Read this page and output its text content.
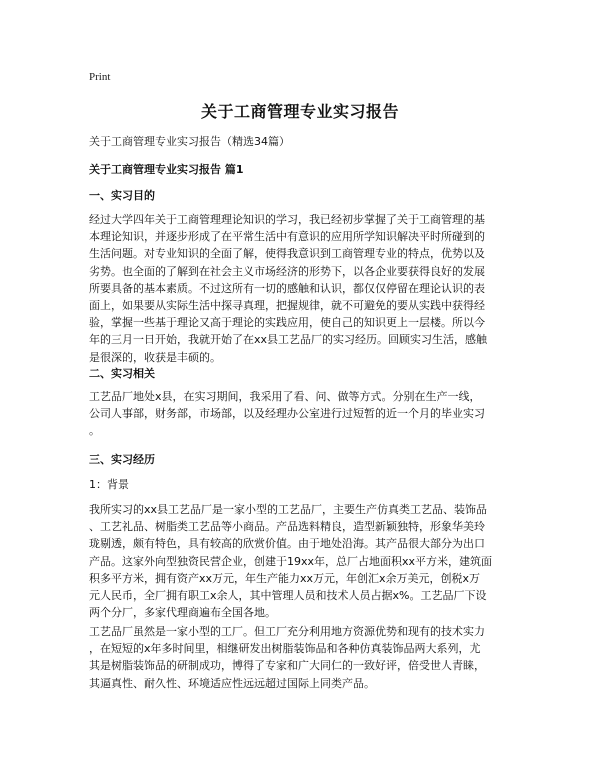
Print
关于工商管理专业实习报告
关于工商管理专业实习报告（精选34篇）
关于工商管理专业实习报告 篇1
一、实习目的
经过大学四年关于工商管理理论知识的学习，我已经初步掌握了关于工商管理的基
本理论知识，并逐步形成了在平常生活中有意识的应用所学知识解决平时所碰到的
生活问题。对专业知识的全面了解，使得我意识到工商管理专业的特点，优势以及
劣势。也全面的了解到在社会主义市场经济的形势下，以各企业要获得良好的发展
所要具备的基本素质。不过这所有一切的感触和认识，都仅仅停留在理论认识的表
面上，如果要从实际生活中探寻真理，把握规律，就不可避免的要从实践中获得经
验，掌握一些基于理论又高于理论的实践应用，使自己的知识更上一层楼。所以今
年的三月一日开始，我就开始了在xx县工艺品厂的实习经历。回顾实习生活，感触
是很深的，收获是丰硕的。
二、实习相关
工艺品厂地处x县，在实习期间，我采用了看、问、做等方式。分别在生产一线，
公司人事部，财务部，市场部，以及经理办公室进行过短暂的近一个月的毕业实习
。
三、实习经历
1：背景
我所实习的xx县工艺品厂是一家小型的工艺品厂，主要生产仿真类工艺品、装饰品
、工艺礼品、树脂类工艺品等小商品。产品选料精良，造型新颖独特，形象华美玲
珑剔透，颇有特色，具有较高的欣赏价值。由于地处沿海。其产品很大部分为出口
产品。这家外向型独资民营企业，创建于19xx年，总厂占地面积xx平方米，建筑面
积多平方米，拥有资产xx万元，年生产能力xx万元，年创汇x余万美元，创税x万
元人民币，全厂拥有职工x余人，其中管理人员和技术人员占据x%。工艺品厂下设
两个分厂，多家代理商遍布全国各地。
工艺品厂虽然是一家小型的工厂。但工厂充分利用地方资源优势和现有的技术实力
，在短短的x年多时间里，相继研发出树脂装饰品和各种仿真装饰品两大系列，尤
其是树脂装饰品的研制成功，博得了专家和广大同仁的一致好评，倍受世人青睐，
其逼真性、耐久性、环境适应性远远超过国际上同类产品。
